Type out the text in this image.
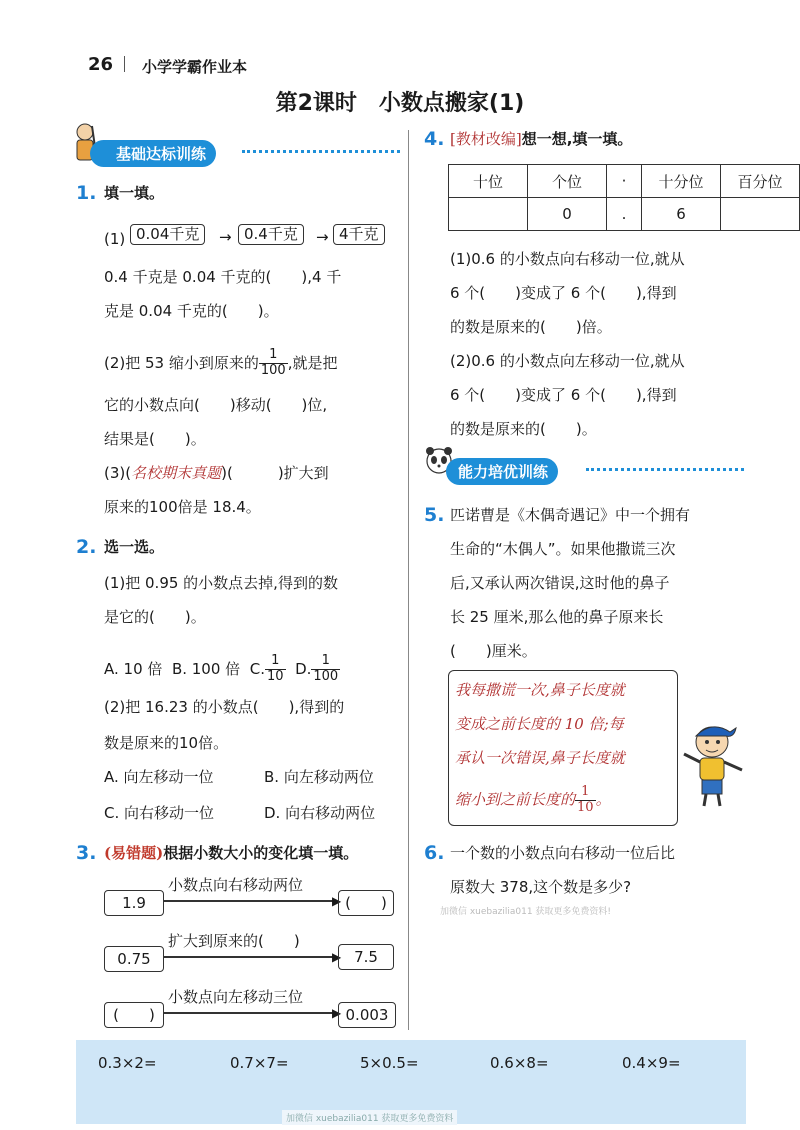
26 小学学霸作业本
第2课时　小数点搬家(1)
基础达标训练
1. 填一填。
(1) 0.04千克	→ 0.4千克	→ 4千克
0.4 千克是 0.04 千克的(　　),4 千
克是 0.04 千克的(　　)。
(2)把 53 缩小到原来的 $\frac{1}{100}$ ,就是把
它的小数点向(　　)移动(　　)位,
结果是(　　)。
(3)(名校期末真题)(　　　)扩大到
原来的100倍是 18.4。
2. 选一选。
(1)把 0.95 的小数点去掉,得到的数
是它的(　　)。
A. 10 倍 B. 100 倍 C. $\frac{1}{10} D$. $\frac{1}{100}$
(2)把 16.23 的小数点(　　),得到的
数是原来的10倍。
A. 向左移动一位	B. 向左移动两位
C. 向右移动一位	D. 向右移动两位
3. (易错题)根据小数大小的变化填一填。
1.9
小数点向右移动两位
▶ (　　)
0.75
扩大到原来的(　　)
▶ 7.5
(　　)
小数点向左移动三位
▶ 0.003
4. [教材改编]想一想,填一填。
十位	个位	·	十分位	百分位
	0	.	6	
(1)0.6 的小数点向右移动一位,就从
6 个(　　)变成了 6 个(　　),得到
的数是原来的(　　)倍。
(2)0.6 的小数点向左移动一位,就从
6 个(　　)变成了 6 个(　　),得到
的数是原来的(　　)。
能力培优训练
5. 匹诺曹是《木偶奇遇记》中一个拥有
生命的“木偶人”。如果他撒谎三次
后,又承认两次错误,这时他的鼻子
长 25 厘米,那么他的鼻子原来长
(　　)厘米。
我每撒谎一次,鼻子长度就
变成之前长度的 10 倍;每
承认一次错误,鼻子长度就
缩小到之前长度的 $\frac{1}{10}$ 。
6. 一个数的小数点向右移动一位后比
原数大 378,这个数是多少?
加微信 xuebazilia011 获取更多免费资料!
0.3×2=	0.7×7=	5×0.5=	0.6×8=	0.4×9=
加微信 xuebazilia011 获取更多免费资料
